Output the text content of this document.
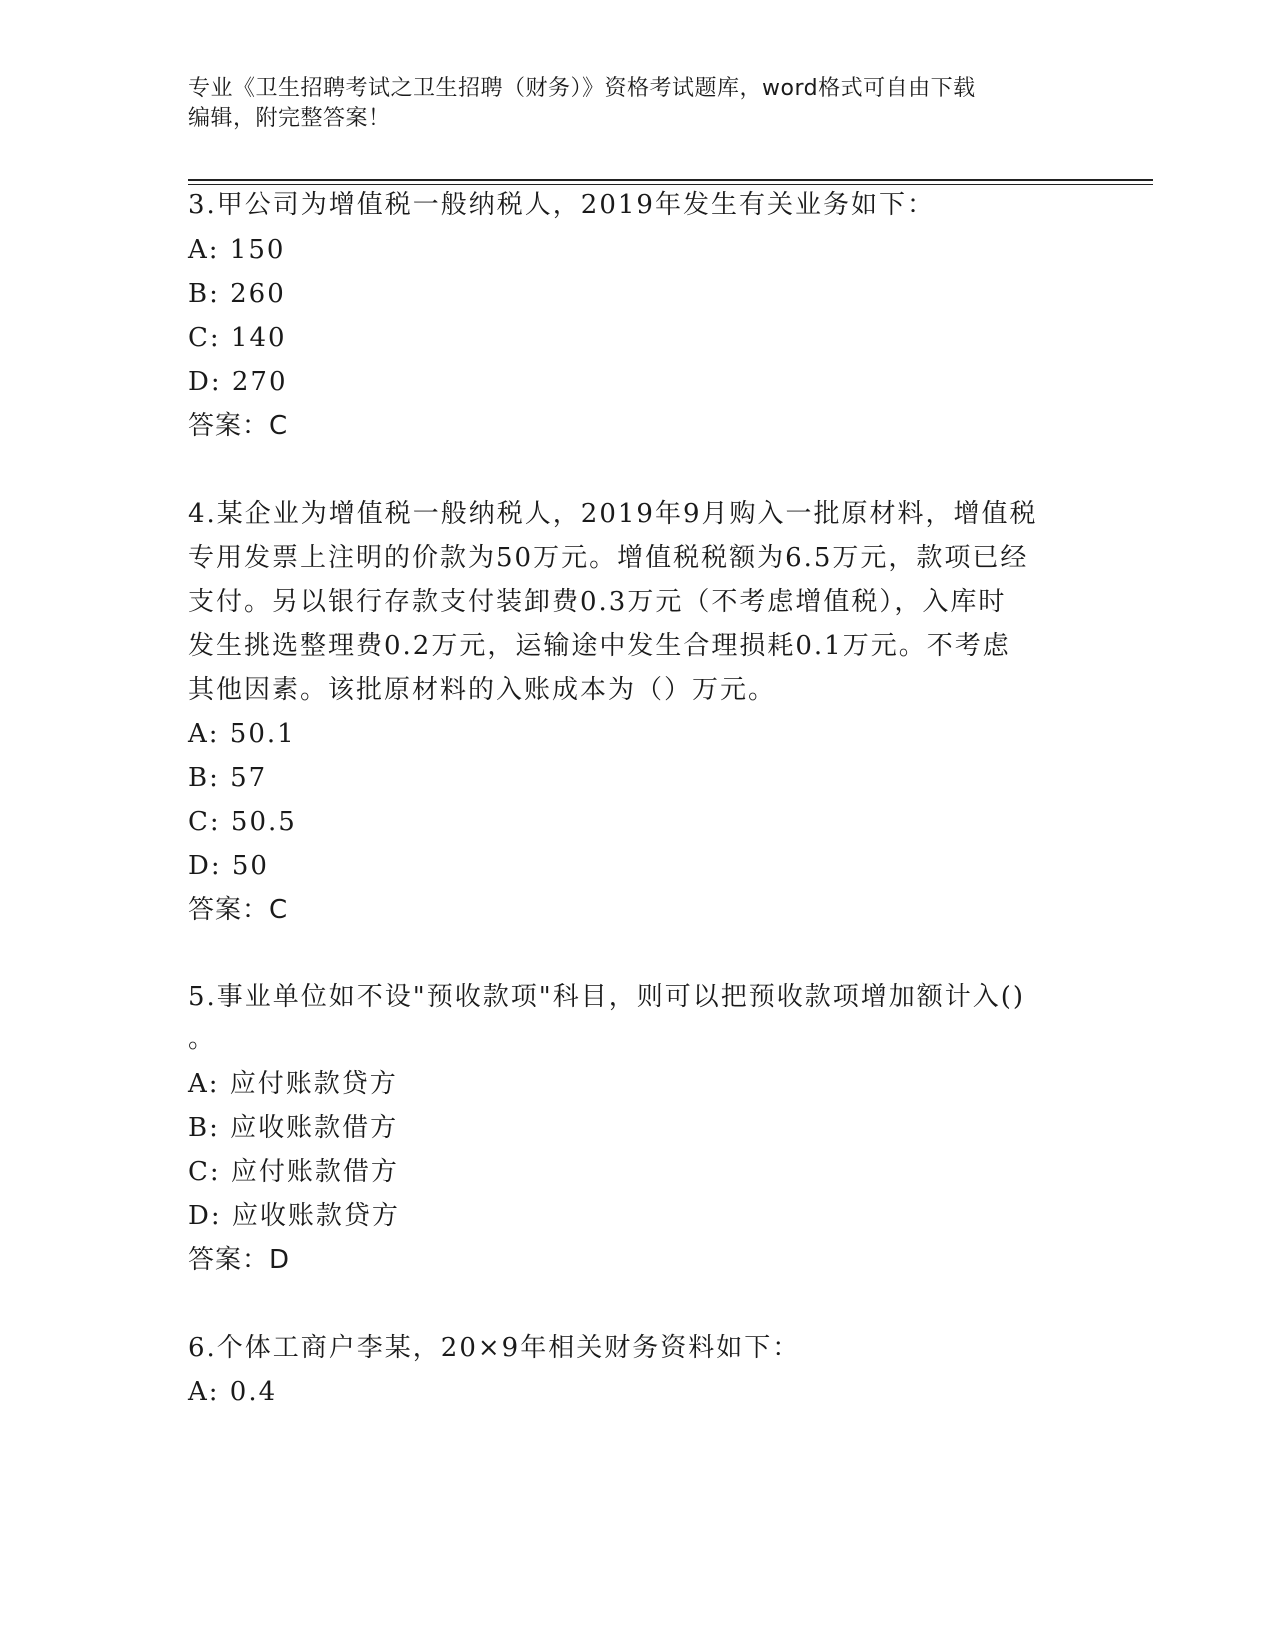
专业《卫生招聘考试之卫生招聘（财务）》资格考试题库，word格式可自由下载
编辑，附完整答案！
3.甲公司为增值税一般纳税人，2019年发生有关业务如下：
A: 150
B: 260
C: 140
D: 270
答案：C
4.某企业为增值税一般纳税人，2019年9月购入一批原材料，增值税
专用发票上注明的价款为50万元。增值税税额为6.5万元，款项已经
支付。另以银行存款支付装卸费0.3万元（不考虑增值税），入库时
发生挑选整理费0.2万元，运输途中发生合理损耗0.1万元。不考虑
其他因素。该批原材料的入账成本为（）万元。
A: 50.1
B: 57
C: 50.5
D: 50
答案：C
5.事业单位如不设"预收款项"科目，则可以把预收款项增加额计入()
。
A: 应付账款贷方
B: 应收账款借方
C: 应付账款借方
D: 应收账款贷方
答案：D
6.个体工商户李某，20×9年相关财务资料如下：
A: 0.4
